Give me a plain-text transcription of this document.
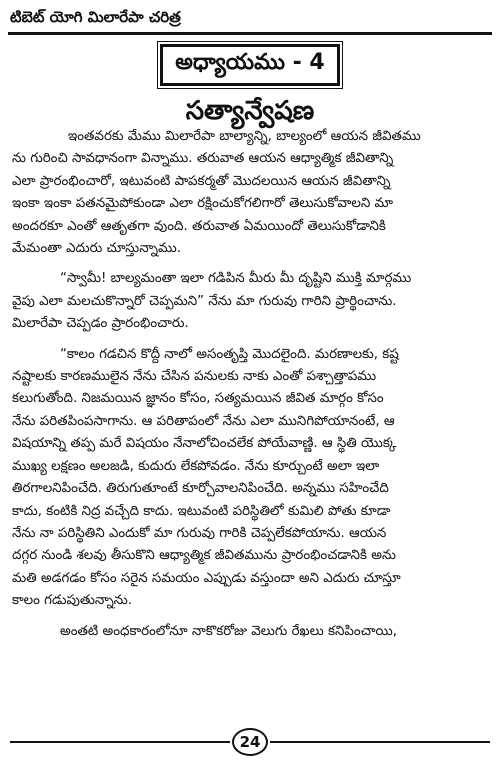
టిబెట్ యోగి మిలారేపా చరిత్ర
అధ్యాయము - 4
సత్యాన్వేషణ
ఇంతవరకు మేము మిలారేపా బాల్యాన్ని, బాల్యంలో ఆయన జీవితము
ను గురించి సావధానంగా విన్నాము. తరువాత ఆయన ఆధ్యాత్మిక జీవితాన్ని
ఎలా ప్రారంభించారో, ఇటువంటి పాపకర్మతో మొదలయిన ఆయన జీవితాన్ని
ఇంకా ఇంకా పతనమైపోకుండా ఎలా రక్షించుకోగలిగారో తెలుసుకోవాలని మా
అందరకూ ఎంతో ఆతృతగా వుంది. తరువాత ఏమయిందో తెలుసుకోడానికి
మేమంతా ఎదురు చూస్తున్నాము.
“స్వామీ! బాల్యమంతా ఇలా గడిపిన మీరు మీ దృష్టిని ముక్తి మార్గము
వైపు ఎలా మలచుకొన్నారో చెప్పమని” నేను మా గురువు గారిని ప్రార్థించాను.
మిలారేపా చెప్పడం ప్రారంభించారు.
“కాలం గడచిన కొద్దీ నాలో అసంతృప్తి మొదలైంది. మరణాలకు, కష్ట
నష్టాలకు కారణములైన నేను చేసిన పనులకు నాకు ఎంతో పశ్చాత్తాపము
కలుగుతోంది. నిజమయిన జ్ఞానం కోసం, సత్యమయిన జీవిత మార్గం కోసం
నేను పరితపింపసాగాను. ఆ పరితాపంలో నేను ఎలా మునిగిపోయానంటే, ఆ
విషయాన్ని తప్ప మరే విషయం నేనాలోచించలేక పోయేవాణ్ణి. ఆ స్థితి యొక్క
ముఖ్య లక్షణం అలజడి, కుదురు లేకపోవడం. నేను కూర్చుంటే అలా ఇలా
తిరగాలనిపించేది. తిరుగుతూంటే కూర్చోవాలనిపించేది. అన్నము సహించేది
కాదు, కంటికి నిద్ర వచ్చేది కాదు. ఇటువంటి పరిస్థితిలో కుమిలి పోతు కూడా
నేను నా పరిస్థితిని ఎందుకో మా గురువు గారికి చెప్పలేకపోయాను. ఆయన
దగ్గర నుండి శలవు తీసుకొని ఆధ్యాత్మిక జీవితమును ప్రారంభించడానికి అను
మతి అడగడం కోసం సరైన సమయం ఎప్పుడు వస్తుందా అని ఎదురు చూస్తూ
కాలం గడుపుతున్నాను.
అంతటి అంధకారంలోనూ నాకొకరోజు వెలుగు రేఖలు కనిపించాయి,
24
